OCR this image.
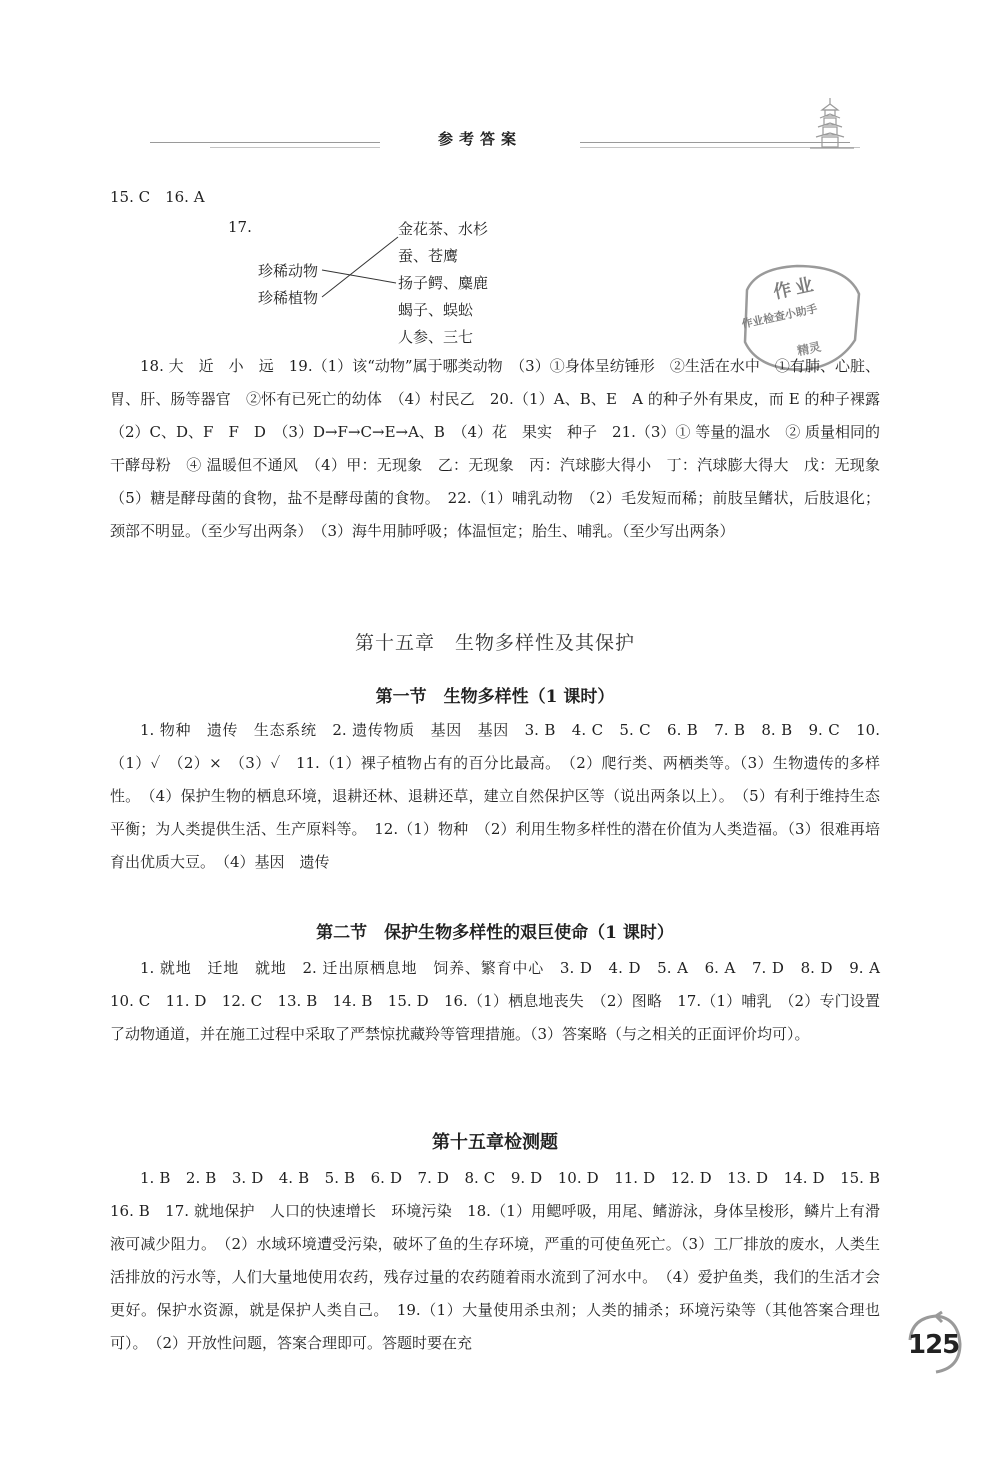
参考答案
15. C　16. A
17.	金花茶、水杉
蚕、苍鹰
扬子鳄、麋鹿
蝎子、蜈蚣
人参、三七
珍稀动物
珍稀植物	作业
作业检查小助手
精灵
18. 大　近　小　远　19.（1）该“动物”属于哪类动物　（3）①身体呈纺锤形　②生活在水中　①有肺、心脏、胃、肝、肠等器官　②怀有已死亡的幼体　（4）村民乙　20.（1）A、B、E　A 的种子外有果皮，而 E 的种子裸露　（2）C、D、F　F　D　（3）D→F→C→E→A、B　（4）花　果实　种子　21.（3）① 等量的温水　② 质量相同的干酵母粉　④ 温暖但不通风　（4）甲：无现象　乙：无现象　丙：汽球膨大得小　丁：汽球膨大得大　戊：无现象　（5）糖是酵母菌的食物，盐不是酵母菌的食物。　22.（1）哺乳动物　（2）毛发短而稀；前肢呈鳍状，后肢退化；颈部不明显。（至少写出两条）　（3）海牛用肺呼吸；体温恒定；胎生、哺乳。（至少写出两条）
第十五章　生物多样性及其保护
第一节　生物多样性（1 课时）
1. 物种　遗传　生态系统　2. 遗传物质　基因　基因　3. B　4. C　5. C　6. B　7. B　8. B　9. C　10.（1）✓　（2）×　（3）✓　11.（1）裸子植物占有的百分比最高。　（2）爬行类、两栖类等。（3）生物遗传的多样性。　（4）保护生物的栖息环境，退耕还林、退耕还草，建立自然保护区等（说出两条以上）。　（5）有利于维持生态平衡；为人类提供生活、生产原料等。　12.（1）物种　（2）利用生物多样性的潜在价值为人类造福。（3）很难再培育出优质大豆。　（4）基因　遗传
第二节　保护生物多样性的艰巨使命（1 课时）
1. 就地　迁地　就地　2. 迁出原栖息地　饲养、繁育中心　3. D　4. D　5. A　6. A　7. D　8. D　9. A　10. C　11. D　12. C　13. B　14. B　15. D　16.（1）栖息地丧失　（2）图略　17.（1）哺乳　（2）专门设置了动物通道，并在施工过程中采取了严禁惊扰藏羚等管理措施。（3）答案略（与之相关的正面评价均可）。
第十五章检测题
1. B　2. B　3. D　4. B　5. B　6. D　7. D　8. C　9. D　10. D　11. D　12. D　13. D　14. D　15. B　16. B　17. 就地保护　人口的快速增长　环境污染　18.（1）用鳃呼吸，用尾、鳍游泳，身体呈梭形，鳞片上有滑液可减少阻力。　（2）水域环境遭受污染，破坏了鱼的生存环境，严重的可使鱼死亡。（3）工厂排放的废水，人类生活排放的污水等，人们大量地使用农药，残存过量的农药随着雨水流到了河水中。　（4）爱护鱼类，我们的生活才会更好。保护水资源，就是保护人类自己。　19.（1）大量使用杀虫剂；人类的捕杀；环境污染等（其他答案合理也可）。　（2）开放性问题，答案合理即可。答题时要在充	125
